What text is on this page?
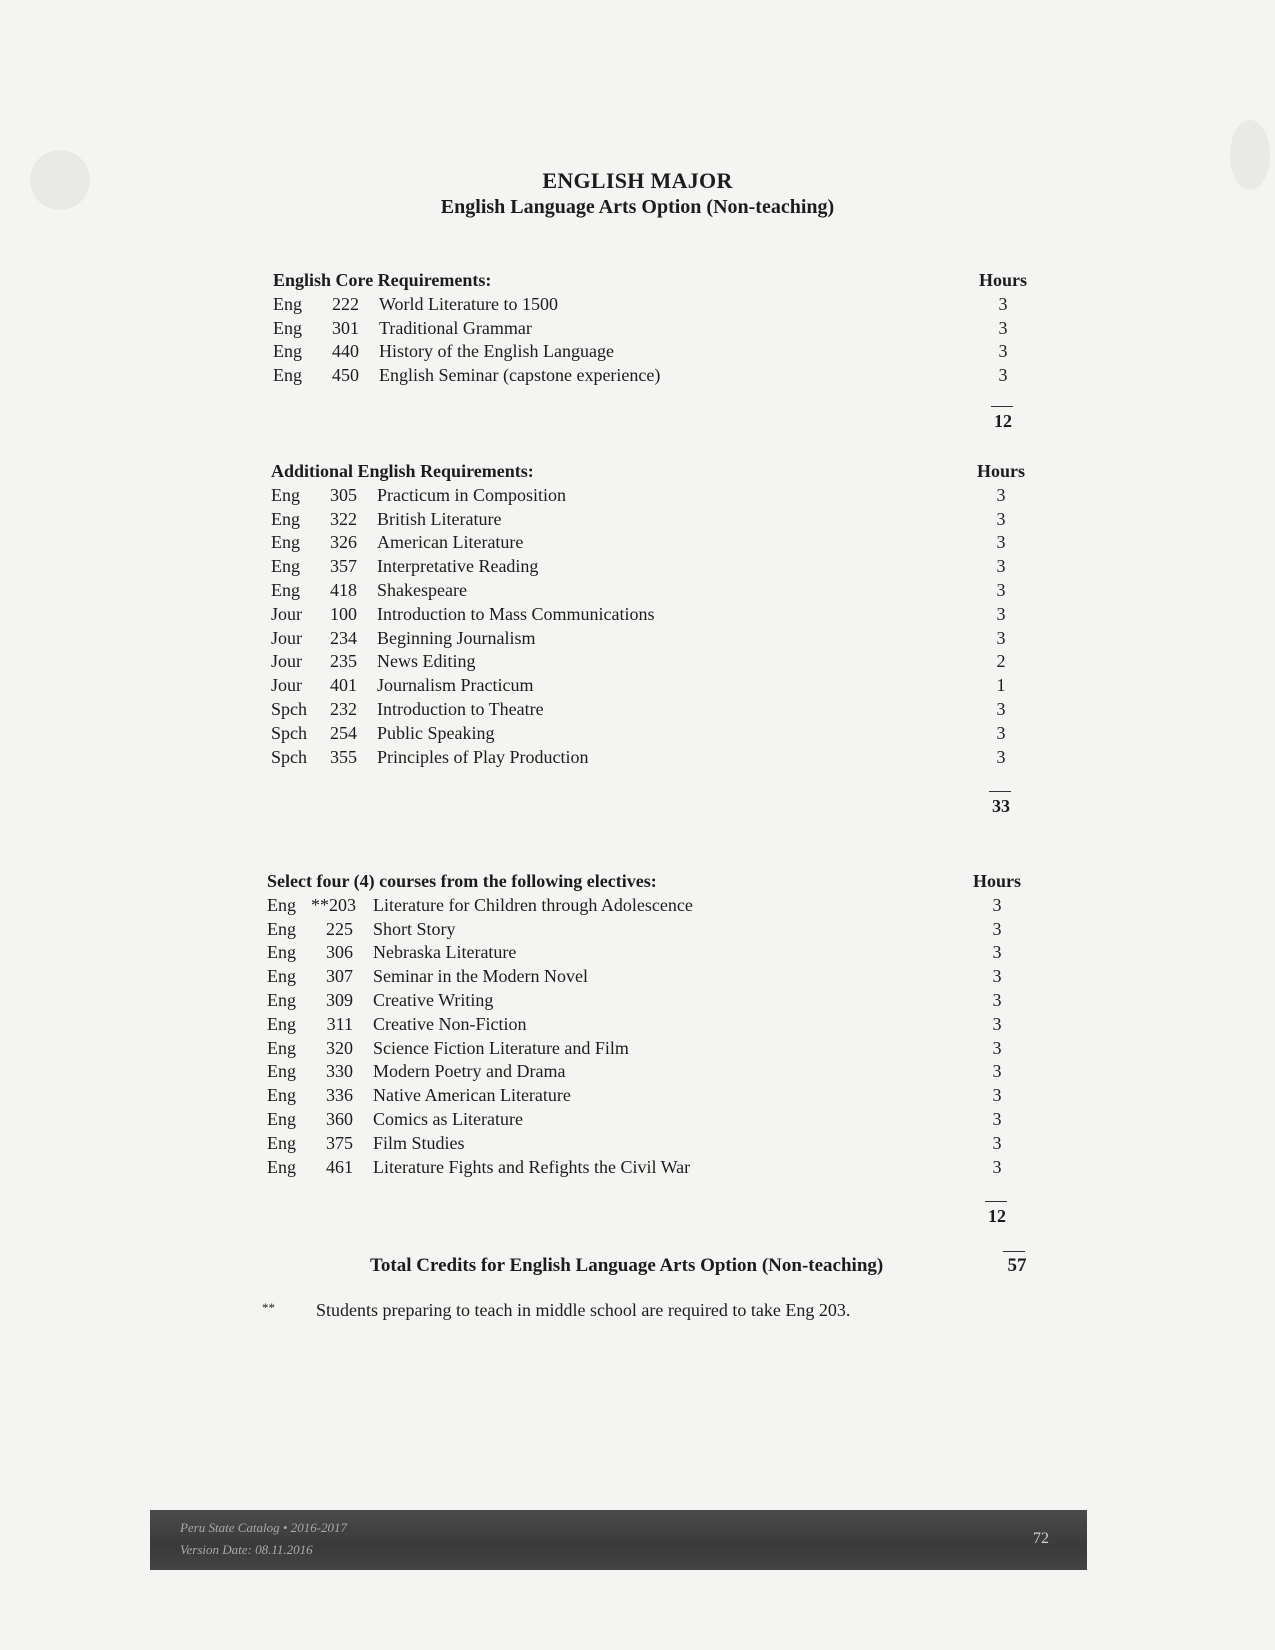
ENGLISH MAJOR
English Language Arts Option (Non-teaching)
English Core Requirements:	Hours
Eng	222 World Literature to 1500	3
Eng	301 Traditional Grammar	3
Eng	440 History of the English Language	3
Eng	450 English Seminar (capstone experience)	3
12
Additional English Requirements:	Hours
Eng	305 Practicum in Composition	3
Eng	322 British Literature	3
Eng	326 American Literature	3
Eng	357 Interpretative Reading	3
Eng	418 Shakespeare	3
Jour	100 Introduction to Mass Communications	3
Jour	234 Beginning Journalism	3
Jour	235 News Editing	2
Jour	401 Journalism Practicum	1
Spch	232 Introduction to Theatre	3
Spch	254 Public Speaking	3
Spch	355 Principles of Play Production	3
33
Select four (4) courses from the following electives:	Hours
Eng **203 Literature for Children through Adolescence	3
Eng	225 Short Story	3
Eng	306 Nebraska Literature	3
Eng	307 Seminar in the Modern Novel	3
Eng	309 Creative Writing	3
Eng	311 Creative Non-Fiction	3
Eng	320 Science Fiction Literature and Film	3
Eng	330 Modern Poetry and Drama	3
Eng	336 Native American Literature	3
Eng	360 Comics as Literature	3
Eng	375 Film Studies	3
Eng	461 Literature Fights and Refights the Civil War	3
12
Total Credits for English Language Arts Option (Non-teaching)	57
** Students preparing to teach in middle school are required to take Eng 203.
Peru State Catalog • 2016-2017
Version Date: 08.11.2016
72
